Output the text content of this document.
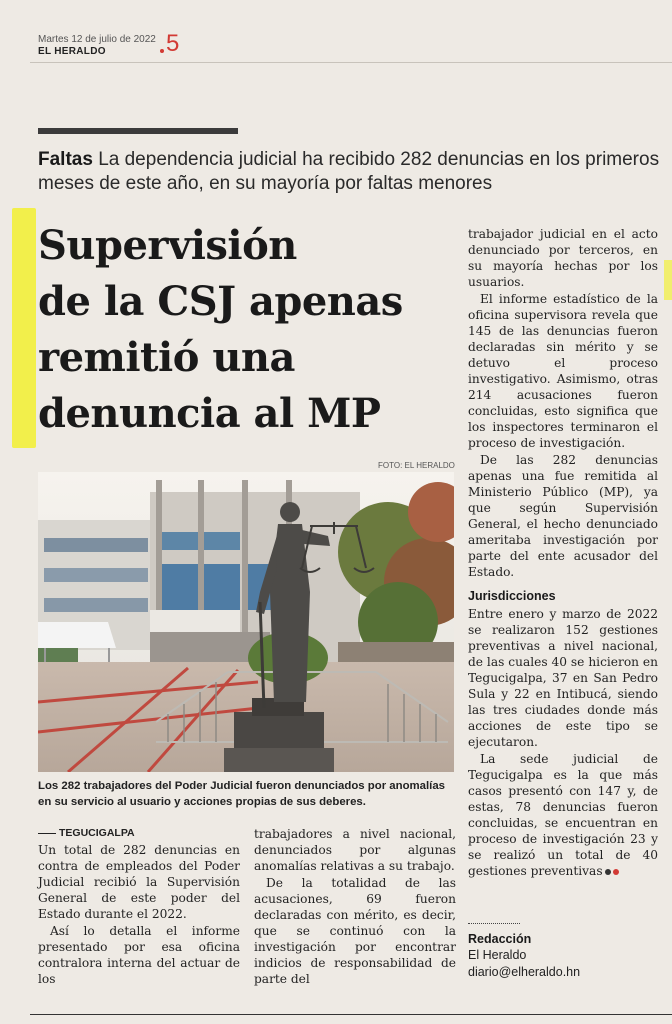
Martes 12 de julio de 2022
EL HERALDO	5
Faltas La dependencia judicial ha recibido 282 denuncias en los primeros meses de este año, en su mayoría por faltas menores
Supervisión
de la CSJ apenas
remitió una
denuncia al MP
FOTO: EL HERALDO
Los 282 trabajadores del Poder Judicial fueron denunciados por anomalías en su servicio al usuario y acciones propias de sus deberes.
TEGUCIGALPA

Un total de 282 denuncias en contra de empleados del Poder Judicial recibió la Supervisión General de este poder del Estado durante el 2022.

Así lo detalla el informe presentado por esa oficina contralora interna del actuar de los

trabajadores a nivel nacional, denunciados por algunas anomalías relativas a su trabajo.

De la totalidad de las acusaciones, 69 fueron declaradas con mérito, es decir, que se continuó con la investigación por encontrar indicios de responsabilidad de parte del

trabajador judicial en el acto denunciado por terceros, en su mayoría hechas por los usuarios.

El informe estadístico de la oficina supervisora revela que 145 de las denuncias fueron declaradas sin mérito y se detuvo el proceso investigativo. Asimismo, otras 214 acusaciones fueron concluidas, esto significa que los inspectores terminaron el proceso de investigación.

De las 282 denuncias apenas una fue remitida al Ministerio Público (MP), ya que según Supervisión General, el hecho denunciado ameritaba investigación por parte del ente acusador del Estado.

Jurisdicciones

Entre enero y marzo de 2022 se realizaron 152 gestiones preventivas a nivel nacional, de las cuales 40 se hicieron en Tegucigalpa, 37 en San Pedro Sula y 22 en Intibucá, siendo las tres ciudades donde más acciones de este tipo se ejecutaron.

La sede judicial de Tegucigalpa es la que más casos presentó con 147 y, de estas, 78 denuncias fueron concluidas, se encuentran en proceso de investigación 23 y se realizó un total de 40 gestiones preventivas

Redacción
El Heraldo
diario@elheraldo.hn
